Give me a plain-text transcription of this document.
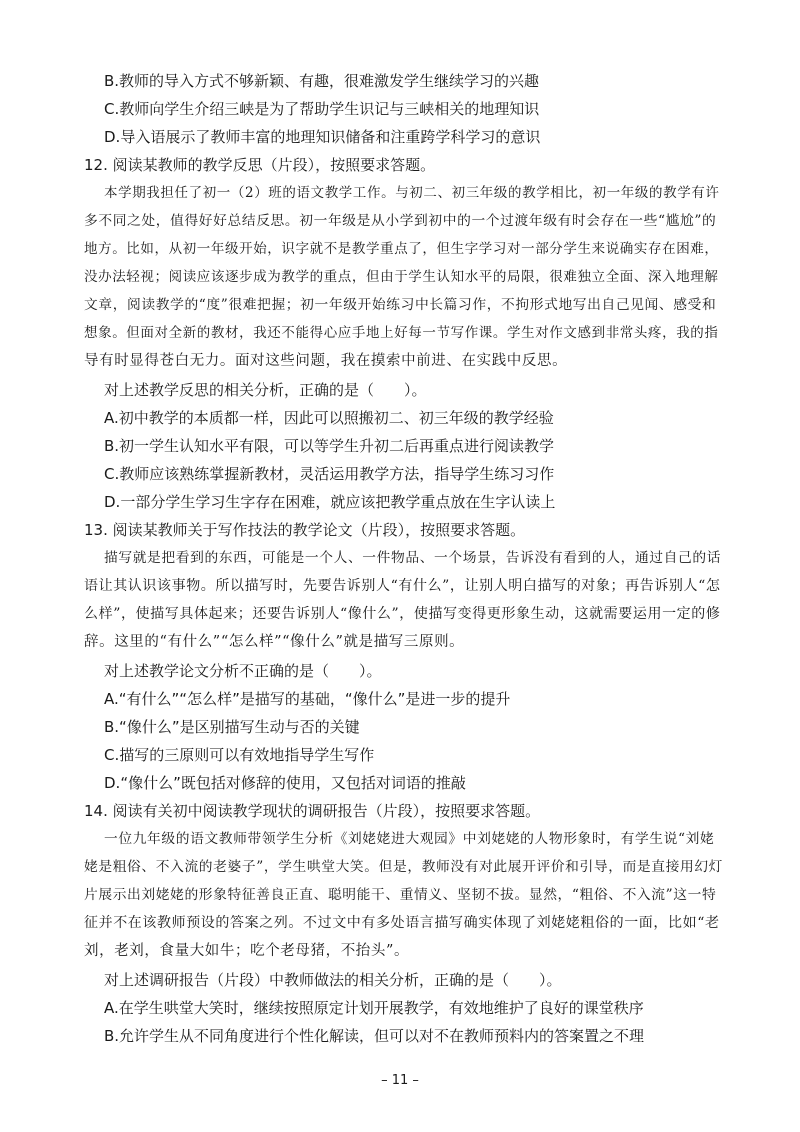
B.教师的导入方式不够新颖、有趣，很难激发学生继续学习的兴趣
C.教师向学生介绍三峡是为了帮助学生识记与三峡相关的地理知识
D.导入语展示了教师丰富的地理知识储备和注重跨学科学习的意识
12. 阅读某教师的教学反思（片段），按照要求答题。
本学期我担任了初一（2）班的语文教学工作。与初二、初三年级的教学相比，初一年级的教学有许
多不同之处，值得好好总结反思。初一年级是从小学到初中的一个过渡年级有时会存在一些“尴尬”的
地方。比如，从初一年级开始，识字就不是教学重点了，但生字学习对一部分学生来说确实存在困难，
没办法轻视；阅读应该逐步成为教学的重点，但由于学生认知水平的局限，很难独立全面、深入地理解
文章，阅读教学的“度”很难把握；初一年级开始练习中长篇习作，不拘形式地写出自己见闻、感受和
想象。但面对全新的教材，我还不能得心应手地上好每一节写作课。学生对作文感到非常头疼，我的指
导有时显得苍白无力。面对这些问题，我在摸索中前进、在实践中反思。
对上述教学反思的相关分析，正确的是（　　）。
A.初中教学的本质都一样，因此可以照搬初二、初三年级的教学经验
B.初一学生认知水平有限，可以等学生升初二后再重点进行阅读教学
C.教师应该熟练掌握新教材，灵活运用教学方法，指导学生练习习作
D.一部分学生学习生字存在困难，就应该把教学重点放在生字认读上
13. 阅读某教师关于写作技法的教学论文（片段），按照要求答题。
描写就是把看到的东西，可能是一个人、一件物品、一个场景，告诉没有看到的人，通过自己的话
语让其认识该事物。所以描写时，先要告诉别人“有什么”，让别人明白描写的对象；再告诉别人“怎
么样”，使描写具体起来；还要告诉别人“像什么”，使描写变得更形象生动，这就需要运用一定的修
辞。这里的“有什么”“怎么样”“像什么”就是描写三原则。
对上述教学论文分析不正确的是（　　）。
A.“有什么”“怎么样”是描写的基础，“像什么”是进一步的提升
B.“像什么”是区别描写生动与否的关键
C.描写的三原则可以有效地指导学生写作
D.“像什么”既包括对修辞的使用，又包括对词语的推敲
14. 阅读有关初中阅读教学现状的调研报告（片段），按照要求答题。
一位九年级的语文教师带领学生分析《刘姥姥进大观园》中刘姥姥的人物形象时，有学生说“刘姥
姥是粗俗、不入流的老婆子”，学生哄堂大笑。但是，教师没有对此展开评价和引导，而是直接用幻灯
片展示出刘姥姥的形象特征善良正直、聪明能干、重情义、坚韧不拔。显然，“粗俗、不入流”这一特
征并不在该教师预设的答案之列。不过文中有多处语言描写确实体现了刘姥姥粗俗的一面，比如“老
刘，老刘，食量大如牛；吃个老母猪，不抬头”。
对上述调研报告（片段）中教师做法的相关分析，正确的是（　　）。
A.在学生哄堂大笑时，继续按照原定计划开展教学，有效地维护了良好的课堂秩序
B.允许学生从不同角度进行个性化解读，但可以对不在教师预料内的答案置之不理
– 11 –
